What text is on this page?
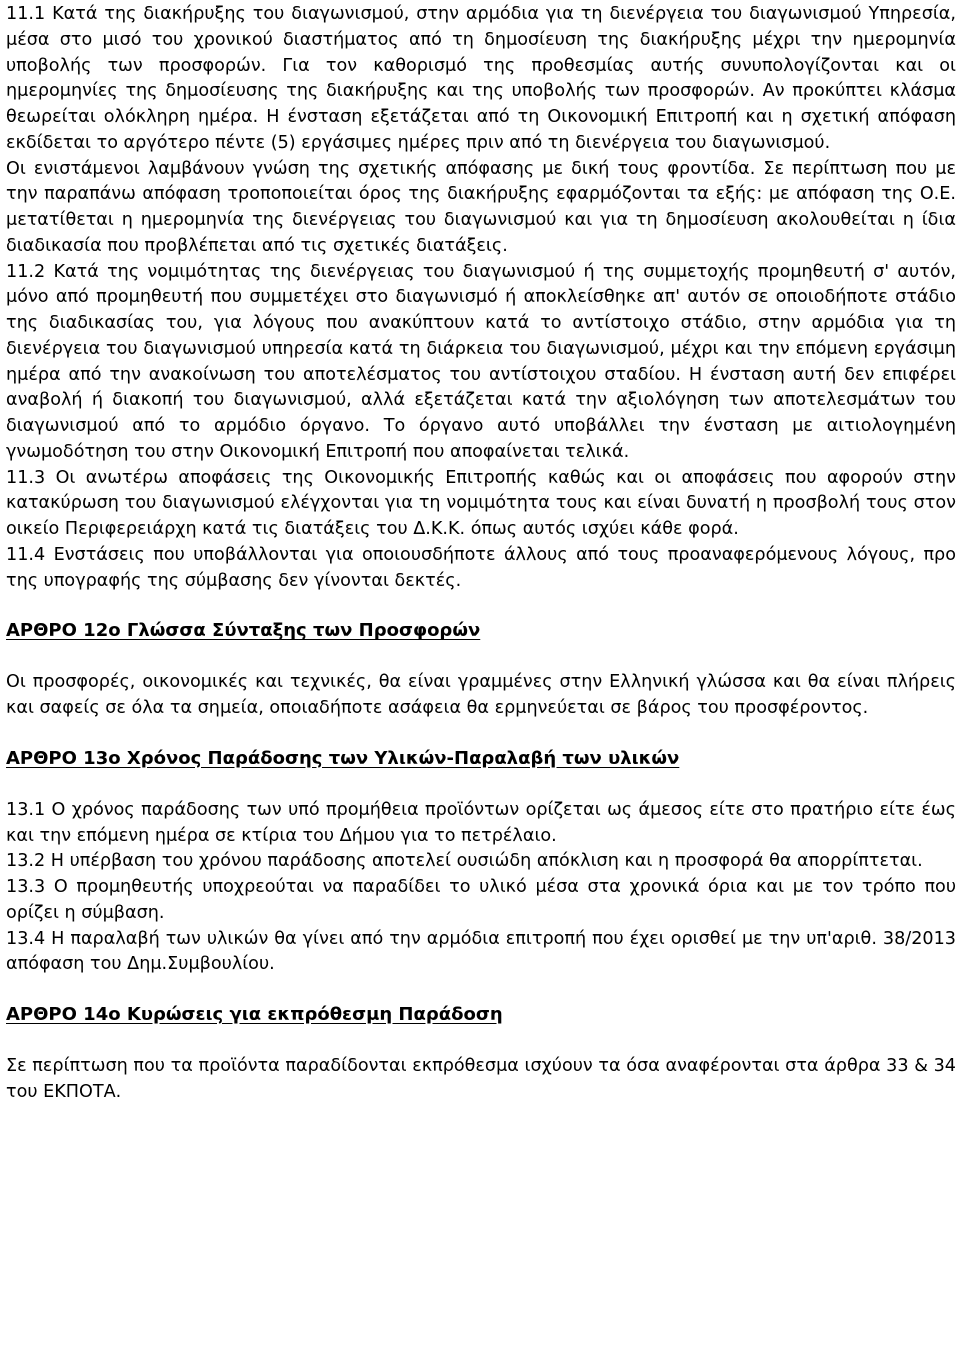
11.1 Κατά της διακήρυξης του διαγωνισμού, στην αρμόδια για τη διενέργεια του διαγωνισμού Υπηρεσία, μέσα στο μισό του χρονικού διαστήματος από τη δημοσίευση της διακήρυξης μέχρι την ημερομηνία υποβολής των προσφορών. Για τον καθορισμό της προθεσμίας αυτής συνυπολογίζονται και οι ημερομηνίες της δημοσίευσης της διακήρυξης και της υποβολής των προσφορών. Αν προκύπτει κλάσμα θεωρείται ολόκληρη ημέρα. Η ένσταση εξετάζεται από τη Οικονομική Επιτροπή και η σχετική απόφαση εκδίδεται το αργότερο πέντε (5) εργάσιμες ημέρες πριν από τη διενέργεια του διαγωνισμού.

Οι ενιστάμενοι λαμβάνουν γνώση της σχετικής απόφασης με δική τους φροντίδα. Σε περίπτωση που με την παραπάνω απόφαση τροποποιείται όρος της διακήρυξης εφαρμόζονται τα εξής: με απόφαση της Ο.Ε. μετατίθεται η ημερομηνία της διενέργειας του διαγωνισμού και για τη δημοσίευση ακολουθείται η ίδια διαδικασία που προβλέπεται από τις σχετικές διατάξεις.

11.2 Κατά της νομιμότητας της διενέργειας του διαγωνισμού ή της συμμετοχής προμηθευτή σ' αυτόν, μόνο από προμηθευτή που συμμετέχει στο διαγωνισμό ή αποκλείσθηκε απ' αυτόν σε οποιοδήποτε στάδιο της διαδικασίας του, για λόγους που ανακύπτουν κατά το αντίστοιχο στάδιο, στην αρμόδια για τη διενέργεια του διαγωνισμού υπηρεσία κατά τη διάρκεια του διαγωνισμού, μέχρι και την επόμενη εργάσιμη ημέρα από την ανακοίνωση του αποτελέσματος του αντίστοιχου σταδίου. Η ένσταση αυτή δεν επιφέρει αναβολή ή διακοπή του διαγωνισμού, αλλά εξετάζεται κατά την αξιολόγηση των αποτελεσμάτων του διαγωνισμού από το αρμόδιο όργανο. Το όργανο αυτό υποβάλλει την ένσταση με αιτιολογημένη γνωμοδότηση του στην Οικονομική Επιτροπή που αποφαίνεται τελικά.

11.3 Οι ανωτέρω αποφάσεις της Οικονομικής Επιτροπής καθώς και οι αποφάσεις που αφορούν στην κατακύρωση του διαγωνισμού ελέγχονται για τη νομιμότητα τους και είναι δυνατή η προσβολή τους στον οικείο Περιφερειάρχη κατά τις διατάξεις του Δ.Κ.Κ. όπως αυτός ισχύει κάθε φορά.

11.4 Ενστάσεις που υποβάλλονται για οποιουσδήποτε άλλους από τους προαναφερόμενους λόγους, προ της υπογραφής της σύμβασης δεν γίνονται δεκτές.

ΑΡΘΡΟ 12ο Γλώσσα Σύνταξης των Προσφορών

Οι προσφορές, οικονομικές και τεχνικές, θα είναι γραμμένες στην Ελληνική γλώσσα και θα είναι πλήρεις και σαφείς σε όλα τα σημεία, οποιαδήποτε ασάφεια θα ερμηνεύεται σε βάρος του προσφέροντος.

ΑΡΘΡΟ 13ο Χρόνος Παράδοσης των Υλικών-Παραλαβή των υλικών

13.1 Ο χρόνος παράδοσης των υπό προμήθεια προϊόντων ορίζεται ως άμεσος είτε στο πρατήριο είτε έως και την επόμενη ημέρα σε κτίρια του Δήμου για το πετρέλαιο.

13.2 Η υπέρβαση του χρόνου παράδοσης αποτελεί ουσιώδη απόκλιση και η προσφορά θα απορρίπτεται.

13.3 Ο προμηθευτής υποχρεούται να παραδίδει το υλικό μέσα στα χρονικά όρια και με τον τρόπο που ορίζει η σύμβαση.

13.4 Η παραλαβή των υλικών θα γίνει από την αρμόδια επιτροπή που έχει ορισθεί με την υπ'αριθ. 38/2013 απόφαση του Δημ.Συμβουλίου.

ΑΡΘΡΟ 14ο Κυρώσεις για εκπρόθεσμη Παράδοση

Σε περίπτωση που τα προϊόντα παραδίδονται εκπρόθεσμα ισχύουν τα όσα αναφέρονται στα άρθρα 33 & 34 του ΕΚΠΟΤΑ.
